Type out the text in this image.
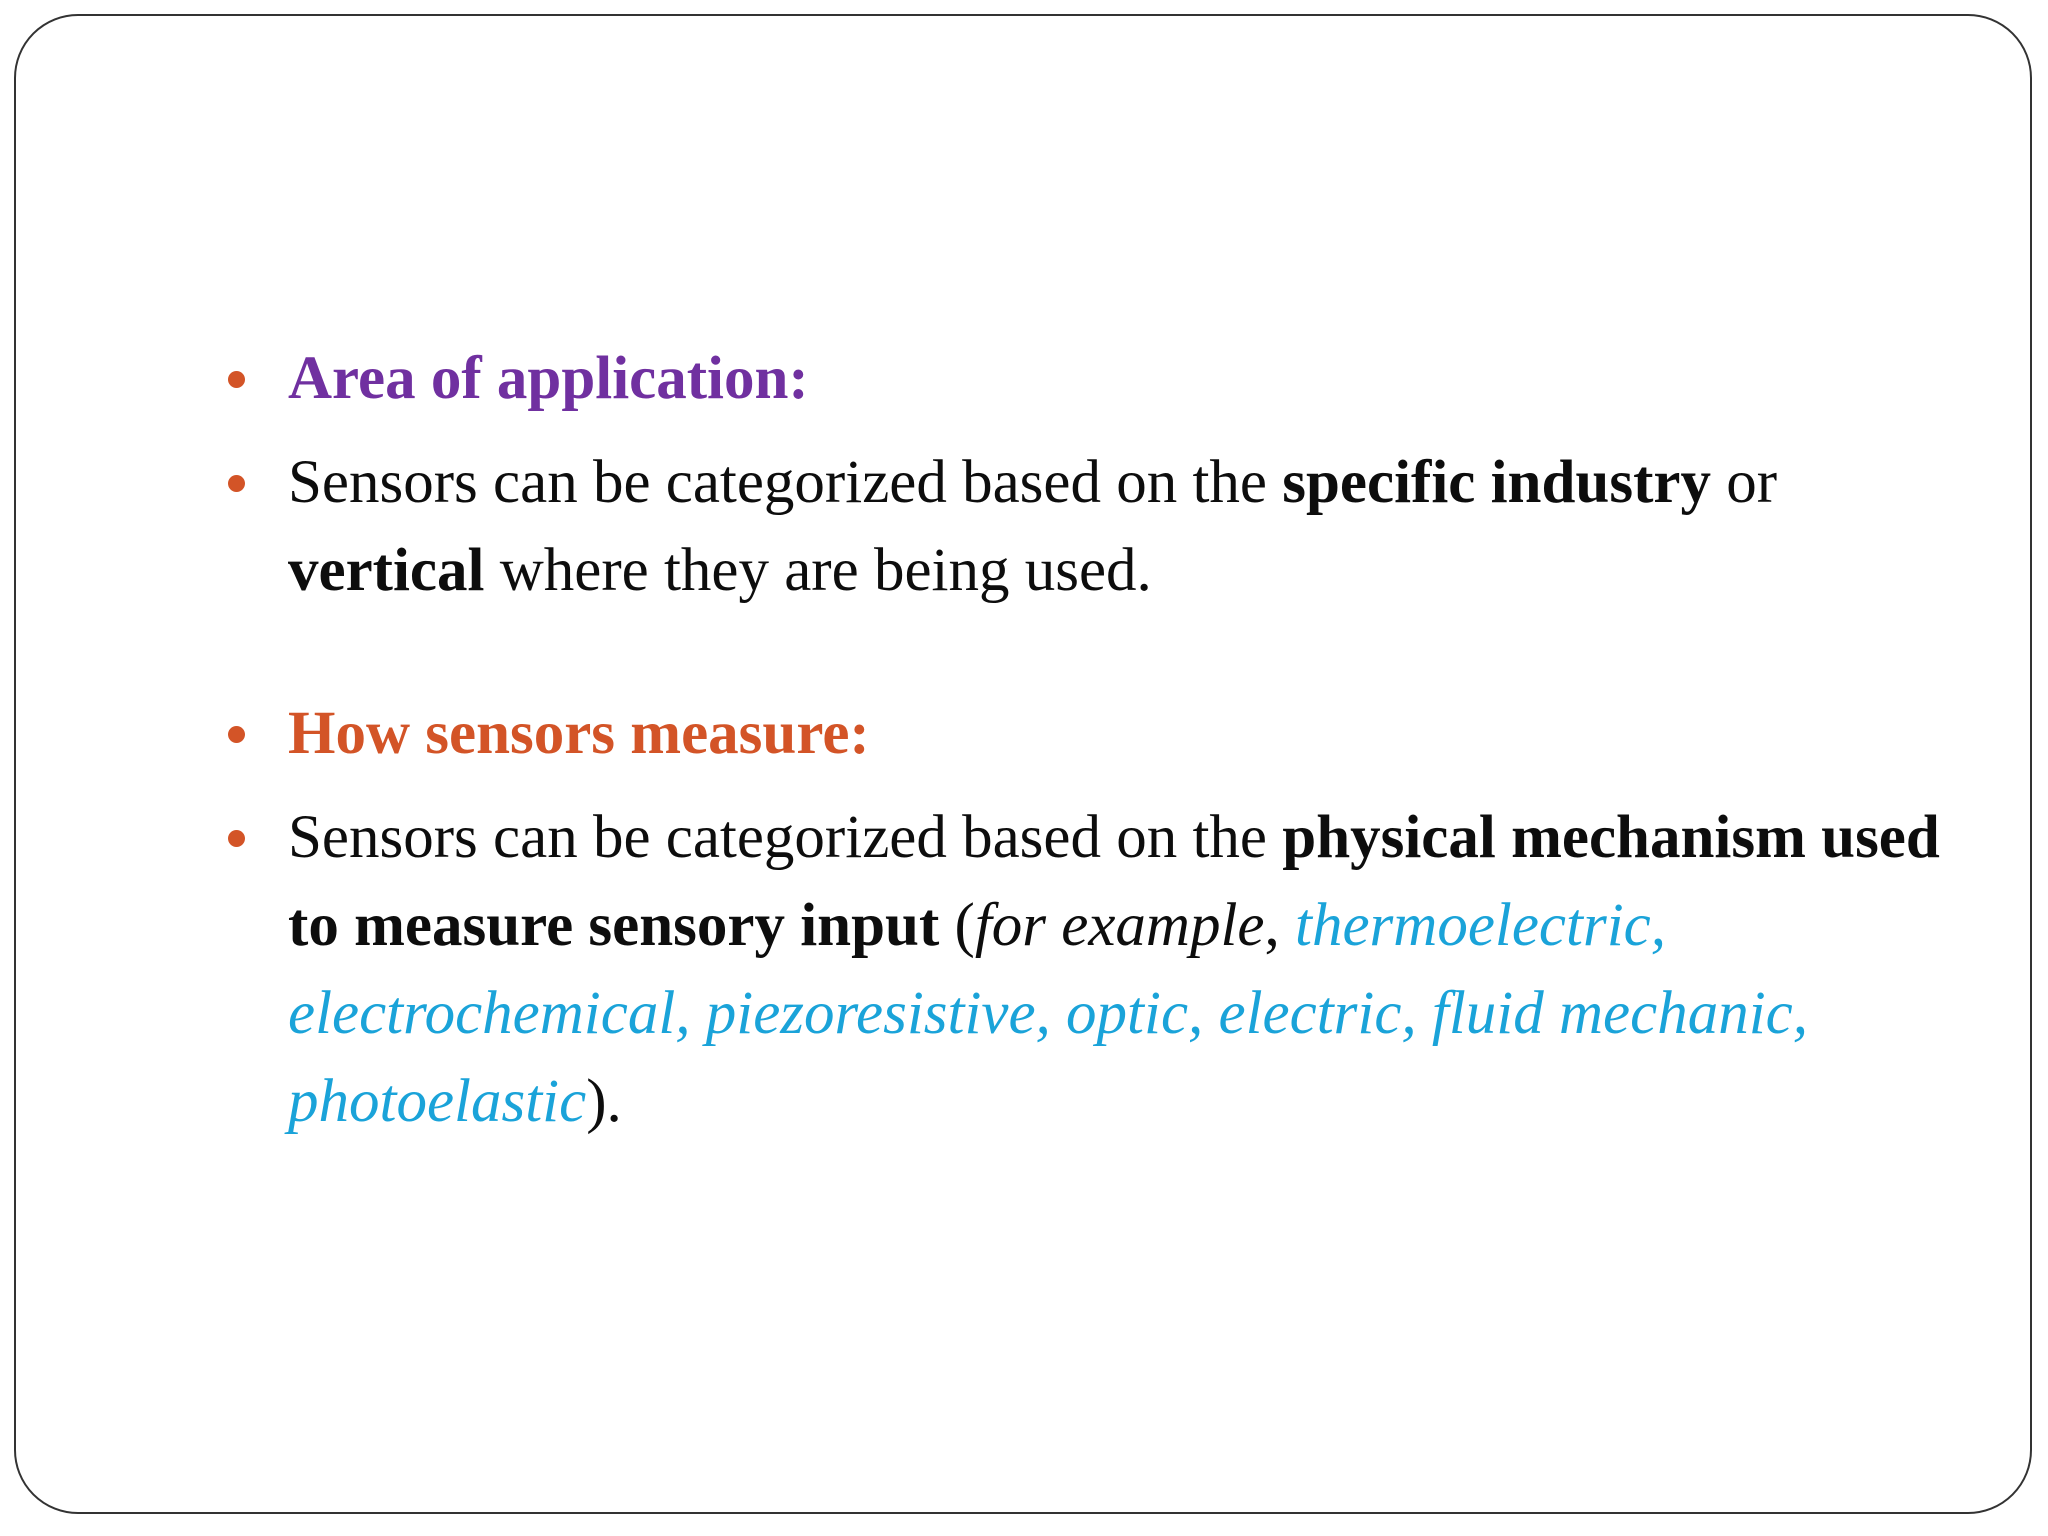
Area of application:

Sensors can be categorized based on the specific industry or vertical where they are being used.

How sensors measure:

Sensors can be categorized based on the physical mechanism used to measure sensory input (for example, thermoelectric, electrochemical, piezoresistive, optic, electric, fluid mechanic, photoelastic).
